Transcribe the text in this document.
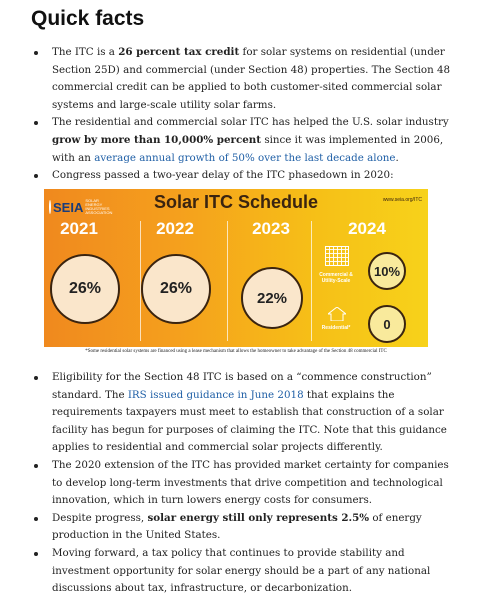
Quick facts
The ITC is a 26 percent tax credit for solar systems on residential (under Section 25D) and commercial (under Section 48) properties. The Section 48 commercial credit can be applied to both customer-sited commercial solar systems and large-scale utility solar farms.
The residential and commercial solar ITC has helped the U.S. solar industry grow by more than 10,000% percent since it was implemented in 2006, with an average annual growth of 50% over the last decade alone.
Congress passed a two-year delay of the ITC phasedown in 2020:
SEIA SOLAR ENERGY INDUSTRIES ASSOCIATION
Solar ITC Schedule	www.seia.org/ITC
2021	2022	2023	2024
26%	26%
22%
Commercial & Utility-Scale
10%
Residential*	0
*Some residential solar systems are financed using a lease mechanism that allows the homeowner to take advantage of the Section 48 commercial ITC
Eligibility for the Section 48 ITC is based on a “commence construction” standard. The IRS issued guidance in June 2018 that explains the requirements taxpayers must meet to establish that construction of a solar facility has begun for purposes of claiming the ITC. Note that this guidance applies to residential and commercial solar projects differently.
The 2020 extension of the ITC has provided market certainty for companies to develop long-term investments that drive competition and technological innovation, which in turn lowers energy costs for consumers.
Despite progress, solar energy still only represents 2.5% of energy production in the United States.
Moving forward, a tax policy that continues to provide stability and investment opportunity for solar energy should be a part of any national discussions about tax, infrastructure, or decarbonization.
